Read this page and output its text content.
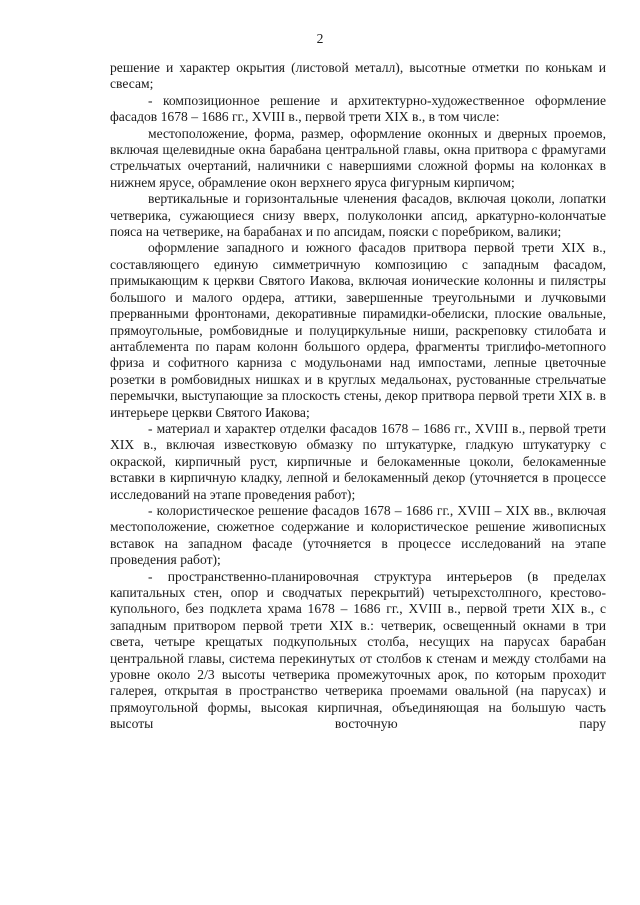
2

решение и характер окрытия (листовой металл), высотные отметки по конькам и свесам;

- композиционное решение и архитектурно-художественное оформление фасадов 1678 – 1686 гг., XVIII в., первой трети XIX в., в том числе:

местоположение, форма, размер, оформление оконных и дверных проемов, включая щелевидные окна барабана центральной главы, окна притвора с фрамугами стрельчатых очертаний, наличники с навершиями сложной формы на колонках в нижнем ярусе, обрамление окон верхнего яруса фигурным кирпичом;

вертикальные и горизонтальные членения фасадов, включая цоколи, лопатки четверика, сужающиеся снизу вверх, полуколонки апсид, аркатурно-колончатые пояса на четверике, на барабанах и по апсидам, пояски с поребриком, валики;

оформление западного и южного фасадов притвора первой трети XIX в., составляющего единую симметричную композицию с западным фасадом, примыкающим к церкви Святого Иакова, включая ионические колонны и пилястры большого и малого ордера, аттики, завершенные треугольными и лучковыми прерванными фронтонами, декоративные пирамидки-обелиски, плоские овальные, прямоугольные, ромбовидные и полуциркульные ниши, раскреповку стилобата и антаблемента по парам колонн большого ордера, фрагменты триглифо-метопного фриза и софитного карниза с модульонами над импостами, лепные цветочные розетки в ромбовидных нишках и в круглых медальонах, рустованные стрельчатые перемычки, выступающие за плоскость стены, декор притвора первой трети XIX в. в интерьере церкви Святого Иакова;

- материал и характер отделки фасадов 1678 – 1686 гг., XVIII в., первой трети XIX в., включая известковую обмазку по штукатурке, гладкую штукатурку с окраской, кирпичный руст, кирпичные и белокаменные цоколи, белокаменные вставки в кирпичную кладку, лепной и белокаменный декор (уточняется в процессе исследований на этапе проведения работ);

- колористическое решение фасадов 1678 – 1686 гг., XVIII – XIX вв., включая местоположение, сюжетное содержание и колористическое решение живописных вставок на западном фасаде (уточняется в процессе исследований на этапе проведения работ);

- пространственно-планировочная структура интерьеров (в пределах капитальных стен, опор и сводчатых перекрытий) четырехстолпного, крестово-купольного, без подклета храма 1678 – 1686 гг., XVIII в., первой трети XIX в., с западным притвором первой трети XIX в.: четверик, освещенный окнами в три света, четыре крещатых подкупольных столба, несущих на парусах барабан центральной главы, система перекинутых от столбов к стенам и между столбами на уровне около 2/3 высоты четверика промежуточных арок, по которым проходит галерея, открытая в пространство четверика проемами овальной (на парусах) и прямоугольной формы, высокая кирпичная, объединяющая на большую часть высоты восточную пару
